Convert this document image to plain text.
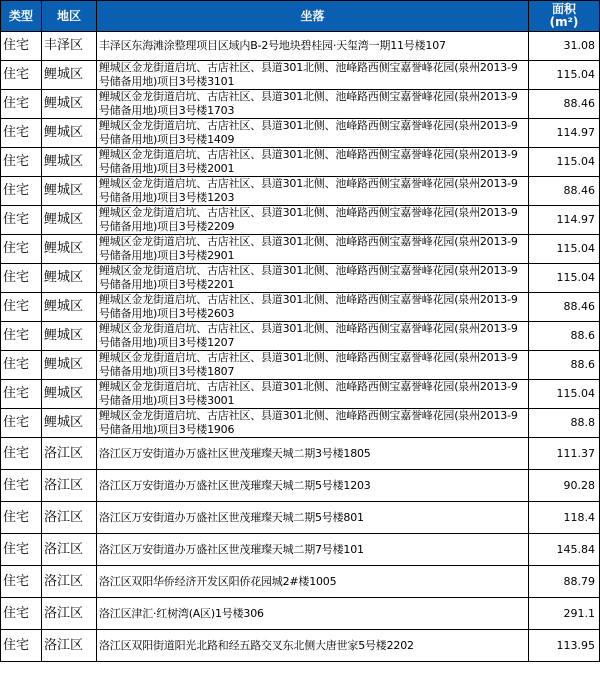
类型	地区	坐落	面积
(m²)
住宅	丰泽区	丰泽区东海滩涂整理项目区域内B-2号地块碧桂园·天玺湾一期11号楼107	31.08
住宅	鲤城区	鲤城区金龙街道启坑、古店社区、县道301北侧、池峰路西侧宝嘉誉峰花园(泉州2013-9号储备用地)项目3号楼3101	115.04
住宅	鲤城区	鲤城区金龙街道启坑、古店社区、县道301北侧、池峰路西侧宝嘉誉峰花园(泉州2013-9号储备用地)项目3号楼1703	88.46
住宅	鲤城区	鲤城区金龙街道启坑、古店社区、县道301北侧、池峰路西侧宝嘉誉峰花园(泉州2013-9号储备用地)项目3号楼1409	114.97
住宅	鲤城区	鲤城区金龙街道启坑、古店社区、县道301北侧、池峰路西侧宝嘉誉峰花园(泉州2013-9号储备用地)项目3号楼2001	115.04
住宅	鲤城区	鲤城区金龙街道启坑、古店社区、县道301北侧、池峰路西侧宝嘉誉峰花园(泉州2013-9号储备用地)项目3号楼1203	88.46
住宅	鲤城区	鲤城区金龙街道启坑、古店社区、县道301北侧、池峰路西侧宝嘉誉峰花园(泉州2013-9号储备用地)项目3号楼2209	114.97
住宅	鲤城区	鲤城区金龙街道启坑、古店社区、县道301北侧、池峰路西侧宝嘉誉峰花园(泉州2013-9号储备用地)项目3号楼2901	115.04
住宅	鲤城区	鲤城区金龙街道启坑、古店社区、县道301北侧、池峰路西侧宝嘉誉峰花园(泉州2013-9号储备用地)项目3号楼2201	115.04
住宅	鲤城区	鲤城区金龙街道启坑、古店社区、县道301北侧、池峰路西侧宝嘉誉峰花园(泉州2013-9号储备用地)项目3号楼2603	88.46
住宅	鲤城区	鲤城区金龙街道启坑、古店社区、县道301北侧、池峰路西侧宝嘉誉峰花园(泉州2013-9号储备用地)项目3号楼1207	88.6
住宅	鲤城区	鲤城区金龙街道启坑、古店社区、县道301北侧、池峰路西侧宝嘉誉峰花园(泉州2013-9号储备用地)项目3号楼1807	88.6
住宅	鲤城区	鲤城区金龙街道启坑、古店社区、县道301北侧、池峰路西侧宝嘉誉峰花园(泉州2013-9号储备用地)项目3号楼3001	115.04
住宅	鲤城区	鲤城区金龙街道启坑、古店社区、县道301北侧、池峰路西侧宝嘉誉峰花园(泉州2013-9号储备用地)项目3号楼1906	88.8
住宅	洛江区	洛江区万安街道办万盛社区世茂璀璨天城二期3号楼1805	111.37
住宅	洛江区	洛江区万安街道办万盛社区世茂璀璨天城二期5号楼1203	90.28
住宅	洛江区	洛江区万安街道办万盛社区世茂璀璨天城二期5号楼801	118.4
住宅	洛江区	洛江区万安街道办万盛社区世茂璀璨天城二期7号楼101	145.84
住宅	洛江区	洛江区双阳华侨经济开发区阳侨花园城2#楼1005	88.79
住宅	洛江区	洛江区津汇·红树湾(A区)1号楼306	291.1
住宅	洛江区	洛江区双阳街道阳光北路和经五路交叉东北侧大唐世家5号楼2202	113.95
